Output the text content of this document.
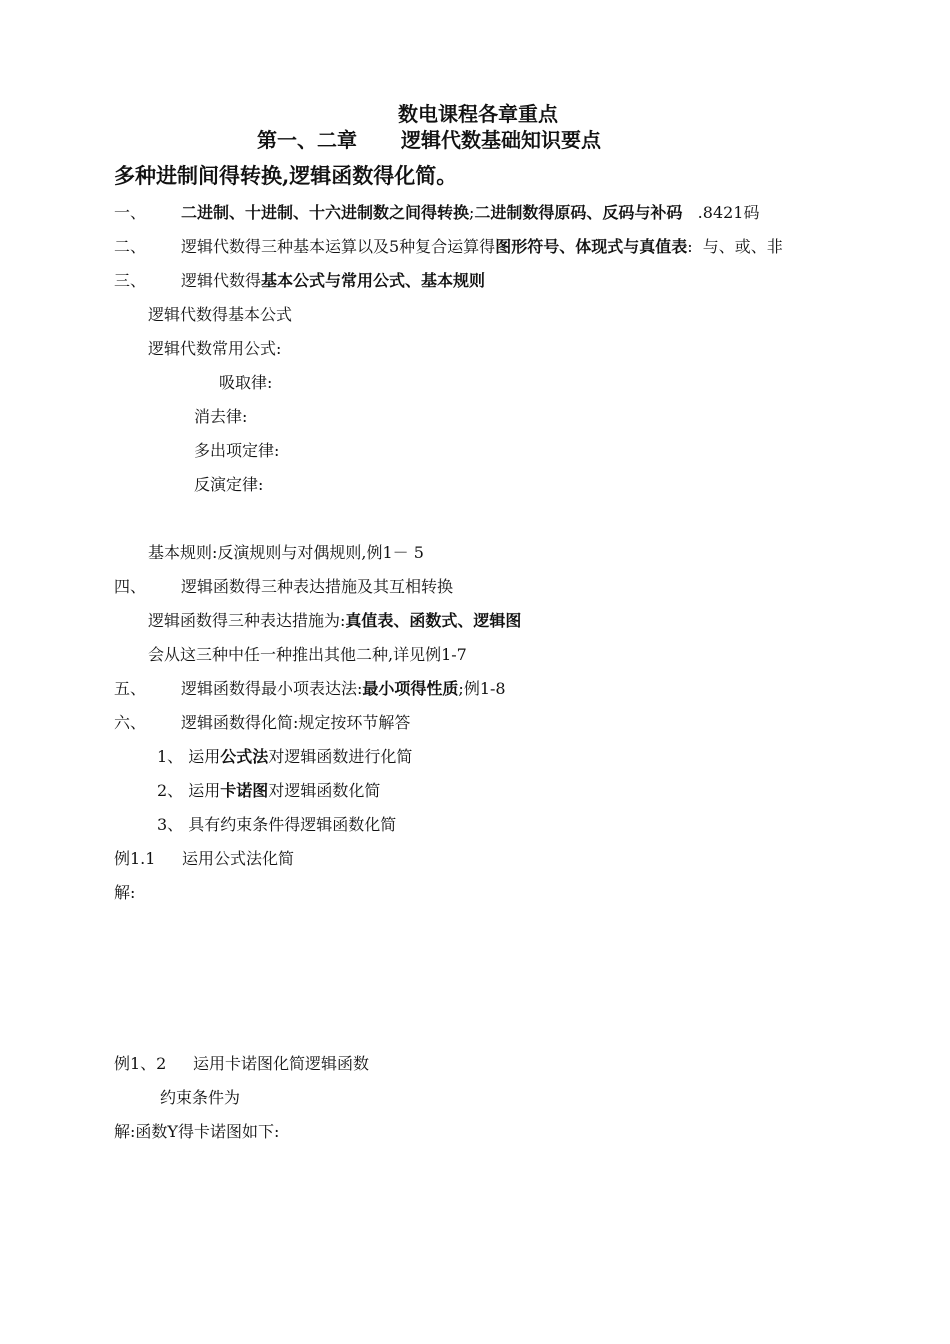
数电课程各章重点
第一、二章 逻辑代数基础知识要点
多种进制间得转换,逻辑函数得化简。
一、 二进制、十进制、十六进制数之间得转换;二进制数得原码、反码与补码   .8421码
二、 逻辑代数得三种基本运算以及5种复合运算得图形符号、体现式与真值表:  与、或、非
三、 逻辑代数得基本公式与常用公式、基本规则
逻辑代数得基本公式
逻辑代数常用公式:
吸取律:
消去律:
多出项定律:
反演定律:
基本规则:反演规则与对偶规则,例1－ 5
四、 逻辑函数得三种表达措施及其互相转换
逻辑函数得三种表达措施为:真值表、函数式、逻辑图
会从这三种中任一种推出其他二种,详见例1-7
五、 逻辑函数得最小项表达法:最小项得性质;例1-8
六、 逻辑函数得化简:规定按环节解答
1、 运用公式法对逻辑函数进行化简
2、 运用卡诺图对逻辑函数化简
3、 具有约束条件得逻辑函数化简
例1.1 运用公式法化简
解:
例1、2 运用卡诺图化简逻辑函数
约束条件为
解:函数Y得卡诺图如下:
